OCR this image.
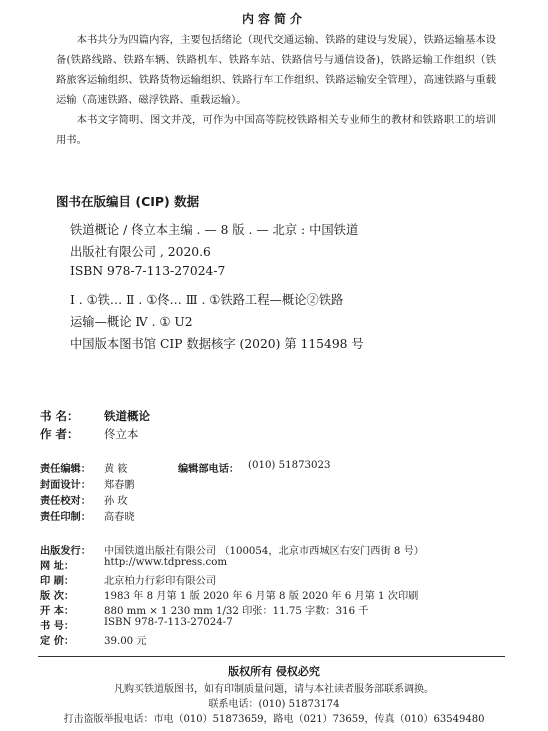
内容简介
本书共分为四篇内容，主要包括绪论（现代交通运输、铁路的建设与发展），铁路运输基本设备(铁路线路、铁路车辆、铁路机车、铁路车站、铁路信号与通信设备)，铁路运输工作组织（铁路旅客运输组织、铁路货物运输组织、铁路行车工作组织、铁路运输安全管理），高速铁路与重载运输（高速铁路、磁浮铁路、重载运输）。
本书文字简明、图文并茂，可作为中国高等院校铁路相关专业师生的教材和铁路职工的培训用书。
图书在版编目 (CIP) 数据
铁道概论 / 佟立本主编 . — 8 版 . — 北京 : 中国铁道
出版社有限公司 , 2020.6
ISBN 978-7-113-27024-7
Ⅰ . ①铁… Ⅱ . ①佟… Ⅲ . ①铁路工程—概论②铁路
运输—概论 Ⅳ . ① U2
中国版本图书馆 CIP 数据核字 (2020) 第 115498 号
书 名： 铁道概论
作 者： 佟立本
责任编辑： 黄 筱	编辑部电话： (010) 51873023
封面设计： 郑春鹏
责任校对： 孙 玫
责任印制： 高春晓
出版发行： 中国铁道出版社有限公司 （100054，北京市西城区右安门西街 8 号）
网 址：	http://www.tdpress.com
印 刷：	北京柏力行彩印有限公司
版 次：	1983 年 8 月第 1 版 2020 年 6 月第 8 版 2020 年 6 月第 1 次印刷
开 本：	880 mm × 1 230 mm 1/32 印张：11.75 字数：316 千
书 号：	ISBN 978-7-113-27024-7
定 价：	39.00 元
版权所有 侵权必究
凡购买铁道版图书，如有印制质量问题，请与本社读者服务部联系调换。
联系电话：(010) 51873174
打击盗版举报电话：市电（010）51873659，路电（021）73659，传真（010）63549480
